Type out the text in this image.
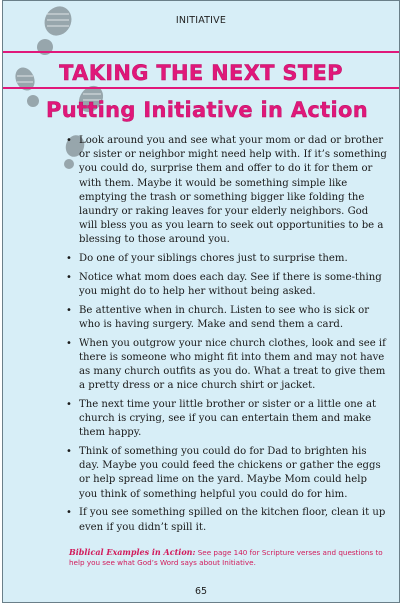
INITIATIVE
TAKING THE NEXT STEP
Putting Initiative in Action
• Look around you and see what your mom or dad or brother or sister or neighbor might need help with. If it’s something you could do, surprise them and offer to do it for them or with them. Maybe it would be something simple like emptying the trash or something bigger like folding the laundry or raking leaves for your elderly neighbors. God will bless you as you learn to seek out opportunities to be a blessing to those around you.
• Do one of your siblings chores just to surprise them.
• Notice what mom does each day. See if there is some-thing you might do to help her without being asked.
• Be attentive when in church. Listen to see who is sick or who is having surgery. Make and send them a card.
• When you outgrow your nice church clothes, look and see if there is someone who might fit into them and may not have as many church outfits as you do. What a treat to give them a pretty dress or a nice church shirt or jacket.
• The next time your little brother or sister or a little one at church is crying, see if you can entertain them and make them happy.
• Think of something you could do for Dad to brighten his day. Maybe you could feed the chickens or gather the eggs or help spread lime on the yard. Maybe Mom could help you think of something helpful you could do for him.
• If you see something spilled on the kitchen floor, clean it up even if you didn’t spill it.
Biblical Examples in Action: See page 140 for Scripture verses and questions to help you see what God’s Word says about Initiative.
65
